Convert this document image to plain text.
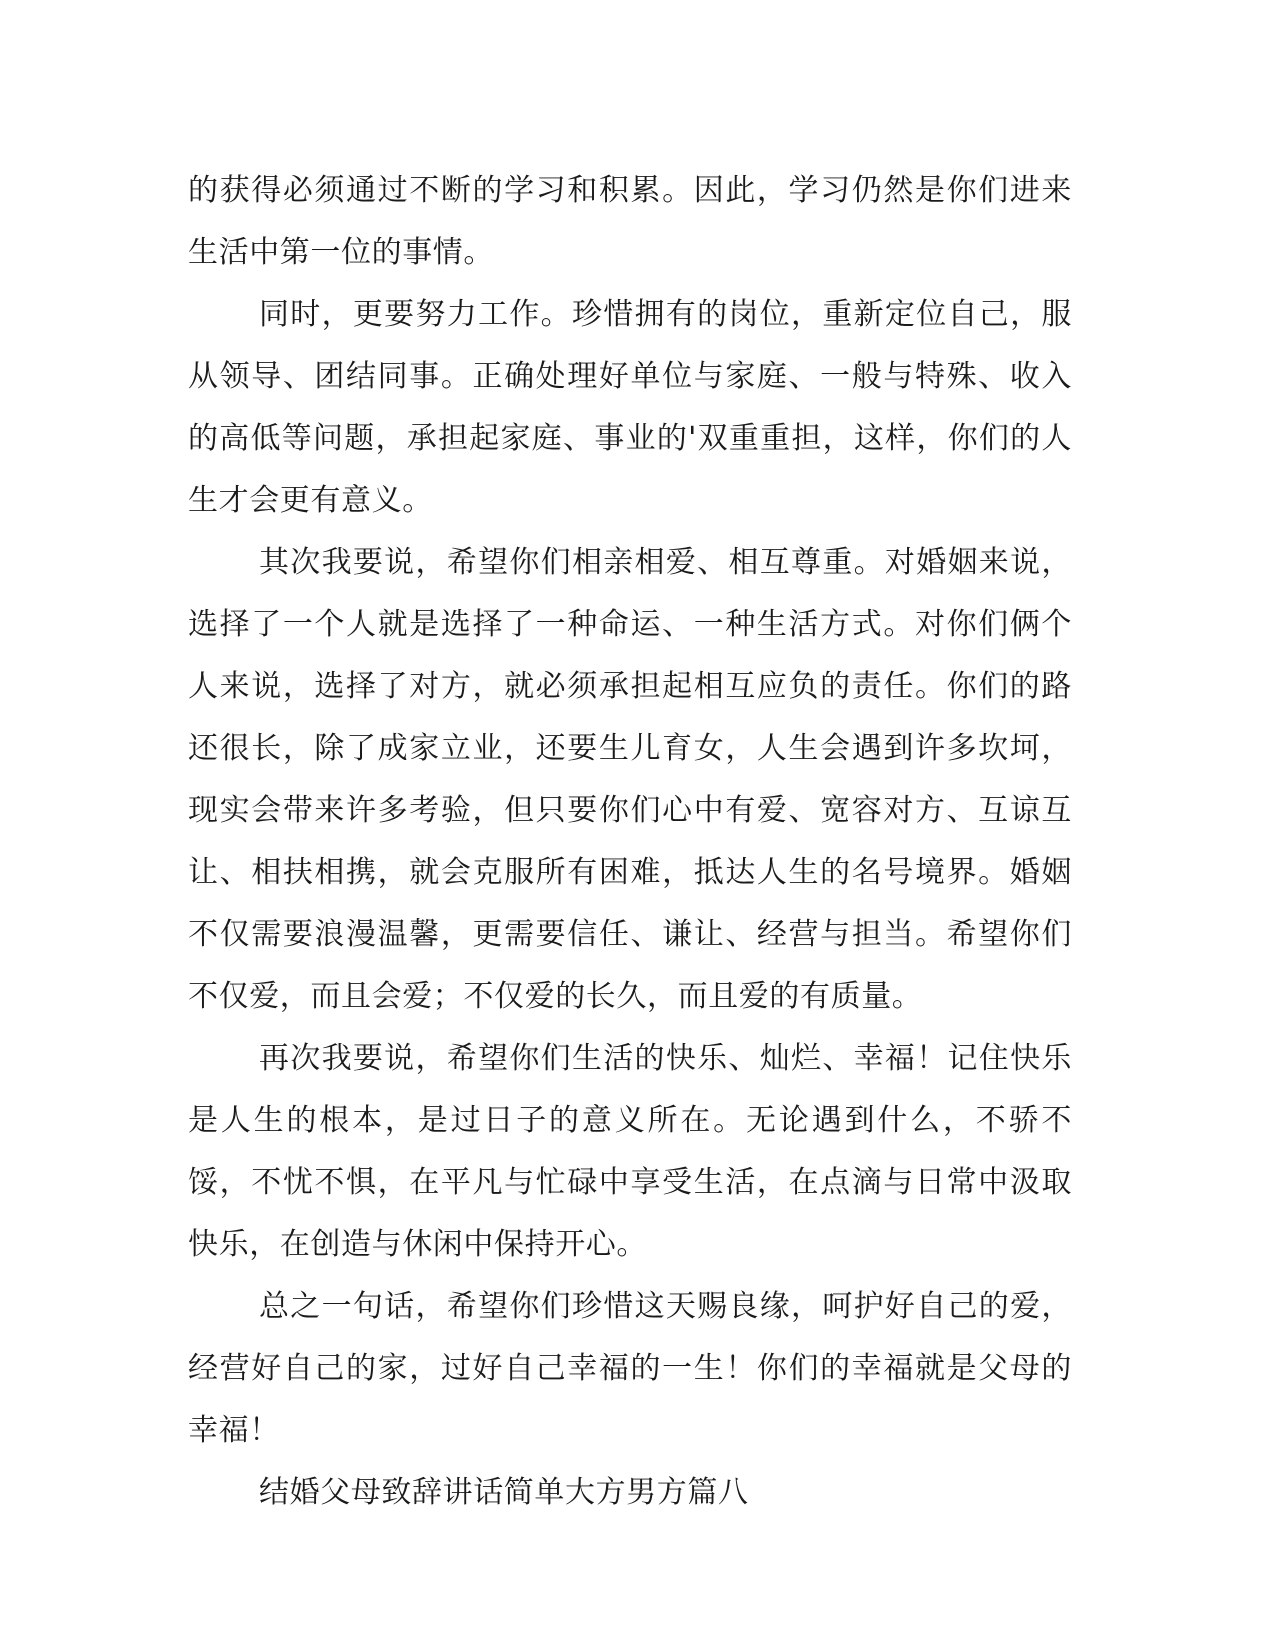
的获得必须通过不断的学习和积累。因此，学习仍然是你们进来生活中第一位的事情。

同时，更要努力工作。珍惜拥有的岗位，重新定位自己，服从领导、团结同事。正确处理好单位与家庭、一般与特殊、收入的高低等问题，承担起家庭、事业的'双重重担，这样，你们的人生才会更有意义。

其次我要说，希望你们相亲相爱、相互尊重。对婚姻来说，选择了一个人就是选择了一种命运、一种生活方式。对你们俩个人来说，选择了对方，就必须承担起相互应负的责任。你们的路还很长，除了成家立业，还要生儿育女，人生会遇到许多坎坷，现实会带来许多考验，但只要你们心中有爱、宽容对方、互谅互让、相扶相携，就会克服所有困难，抵达人生的名号境界。婚姻不仅需要浪漫温馨，更需要信任、谦让、经营与担当。希望你们不仅爱，而且会爱；不仅爱的长久，而且爱的有质量。

再次我要说，希望你们生活的快乐、灿烂、幸福！记住快乐是人生的根本，是过日子的意义所在。无论遇到什么，不骄不馁，不忧不惧，在平凡与忙碌中享受生活，在点滴与日常中汲取快乐，在创造与休闲中保持开心。

总之一句话，希望你们珍惜这天赐良缘，呵护好自己的爱，经营好自己的家，过好自己幸福的一生！你们的幸福就是父母的幸福！

结婚父母致辞讲话简单大方男方篇八
